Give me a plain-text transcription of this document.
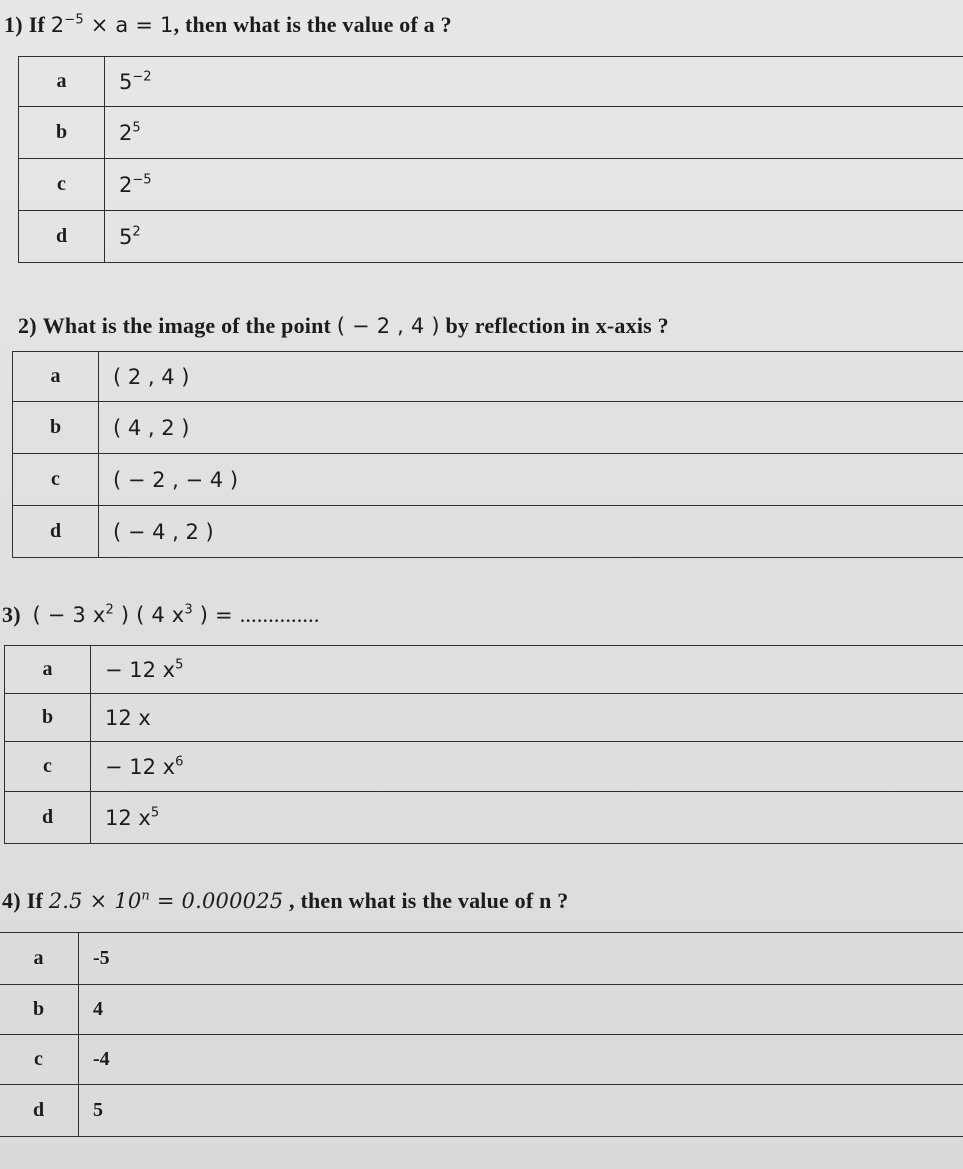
1) If $2^{-5} \times a = 1$, then what is the value of a ?
a	$5^{-2}$
b	$2^5$
c	$2^{-5}$
d	$5^2$
2) What is the image of the point ( − 2 , 4 ) by reflection in x-axis ?
a	( 2 , 4 )
b	( 4 , 2 )
c	( − 2 , − 4 )
d	( − 4 , 2 )
3) ( − 3 $x^2$ ) ( 4 $x^3$ ) = ..............
a	− 12 $x^5$
b	12 x
c	− 12 $x^6$
d	12 $x^5$
4) If $2.5 \times 10^n = 0.000025$ , then what is the value of n ?
a	-5
b	4
c	-4
d	5
